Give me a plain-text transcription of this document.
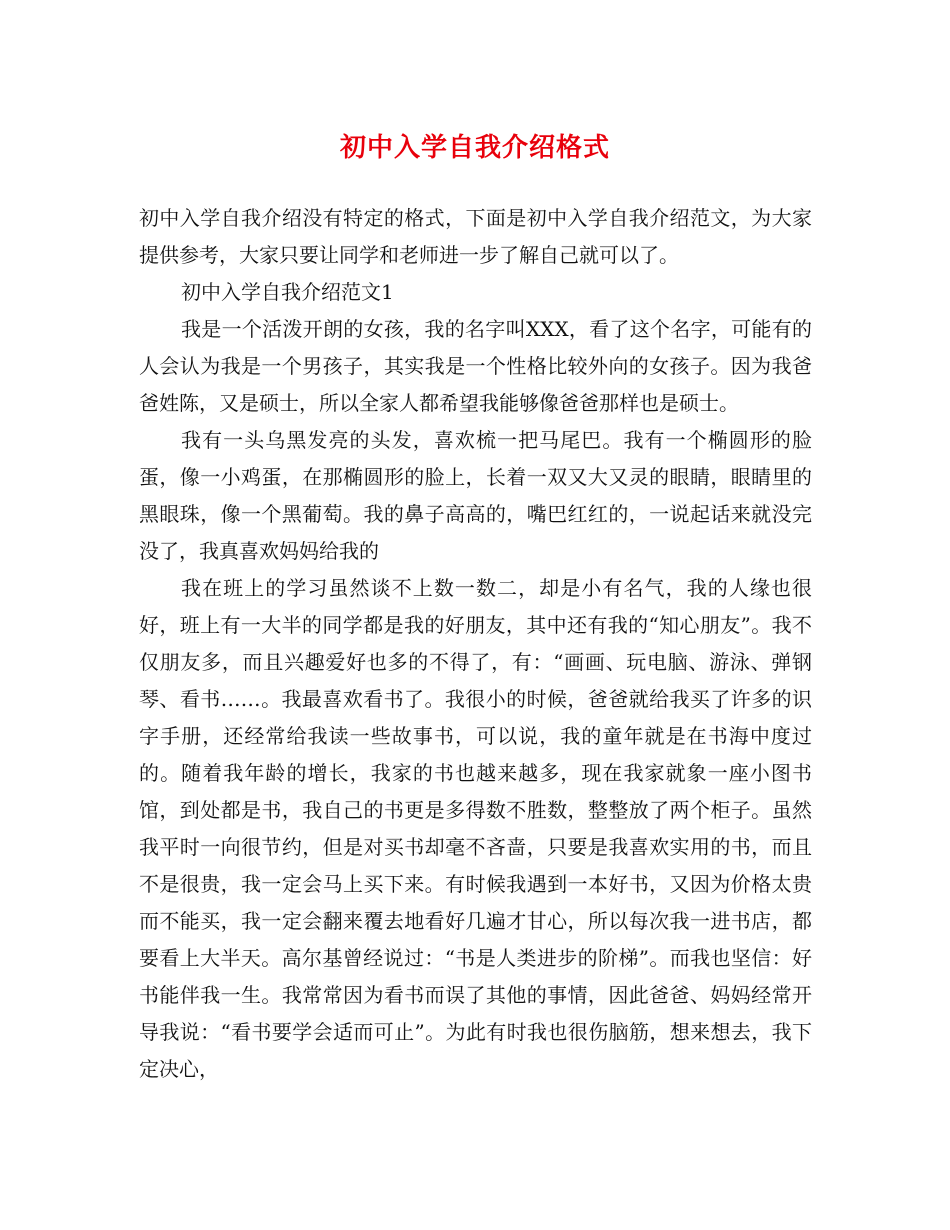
初中入学自我介绍格式

初中入学自我介绍没有特定的格式，下面是初中入学自我介绍范文，为大家提供参考，大家只要让同学和老师进一步了解自己就可以了。

初中入学自我介绍范文1

我是一个活泼开朗的女孩，我的名字叫XXX，看了这个名字，可能有的人会认为我是一个男孩子，其实我是一个性格比较外向的女孩子。因为我爸爸姓陈，又是硕士，所以全家人都希望我能够像爸爸那样也是硕士。

我有一头乌黑发亮的头发，喜欢梳一把马尾巴。我有一个椭圆形的脸蛋，像一小鸡蛋，在那椭圆形的脸上，长着一双又大又灵的眼睛，眼睛里的黑眼珠，像一个黑葡萄。我的鼻子高高的，嘴巴红红的，一说起话来就没完没了，我真喜欢妈妈给我的

我在班上的学习虽然谈不上数一数二，却是小有名气，我的人缘也很好，班上有一大半的同学都是我的好朋友，其中还有我的“知心朋友”。我不仅朋友多，而且兴趣爱好也多的不得了，有：“画画、玩电脑、游泳、弹钢琴、看书……。我最喜欢看书了。我很小的时候，爸爸就给我买了许多的识字手册，还经常给我读一些故事书，可以说，我的童年就是在书海中度过的。随着我年龄的增长，我家的书也越来越多，现在我家就象一座小图书馆，到处都是书，我自己的书更是多得数不胜数，整整放了两个柜子。虽然我平时一向很节约，但是对买书却毫不吝啬，只要是我喜欢实用的书，而且不是很贵，我一定会马上买下来。有时候我遇到一本好书，又因为价格太贵而不能买，我一定会翻来覆去地看好几遍才甘心，所以每次我一进书店，都要看上大半天。高尔基曾经说过：“书是人类进步的阶梯”。而我也坚信：好书能伴我一生。我常常因为看书而误了其他的事情，因此爸爸、妈妈经常开导我说：“看书要学会适而可止”。为此有时我也很伤脑筋，想来想去，我下定决心，
